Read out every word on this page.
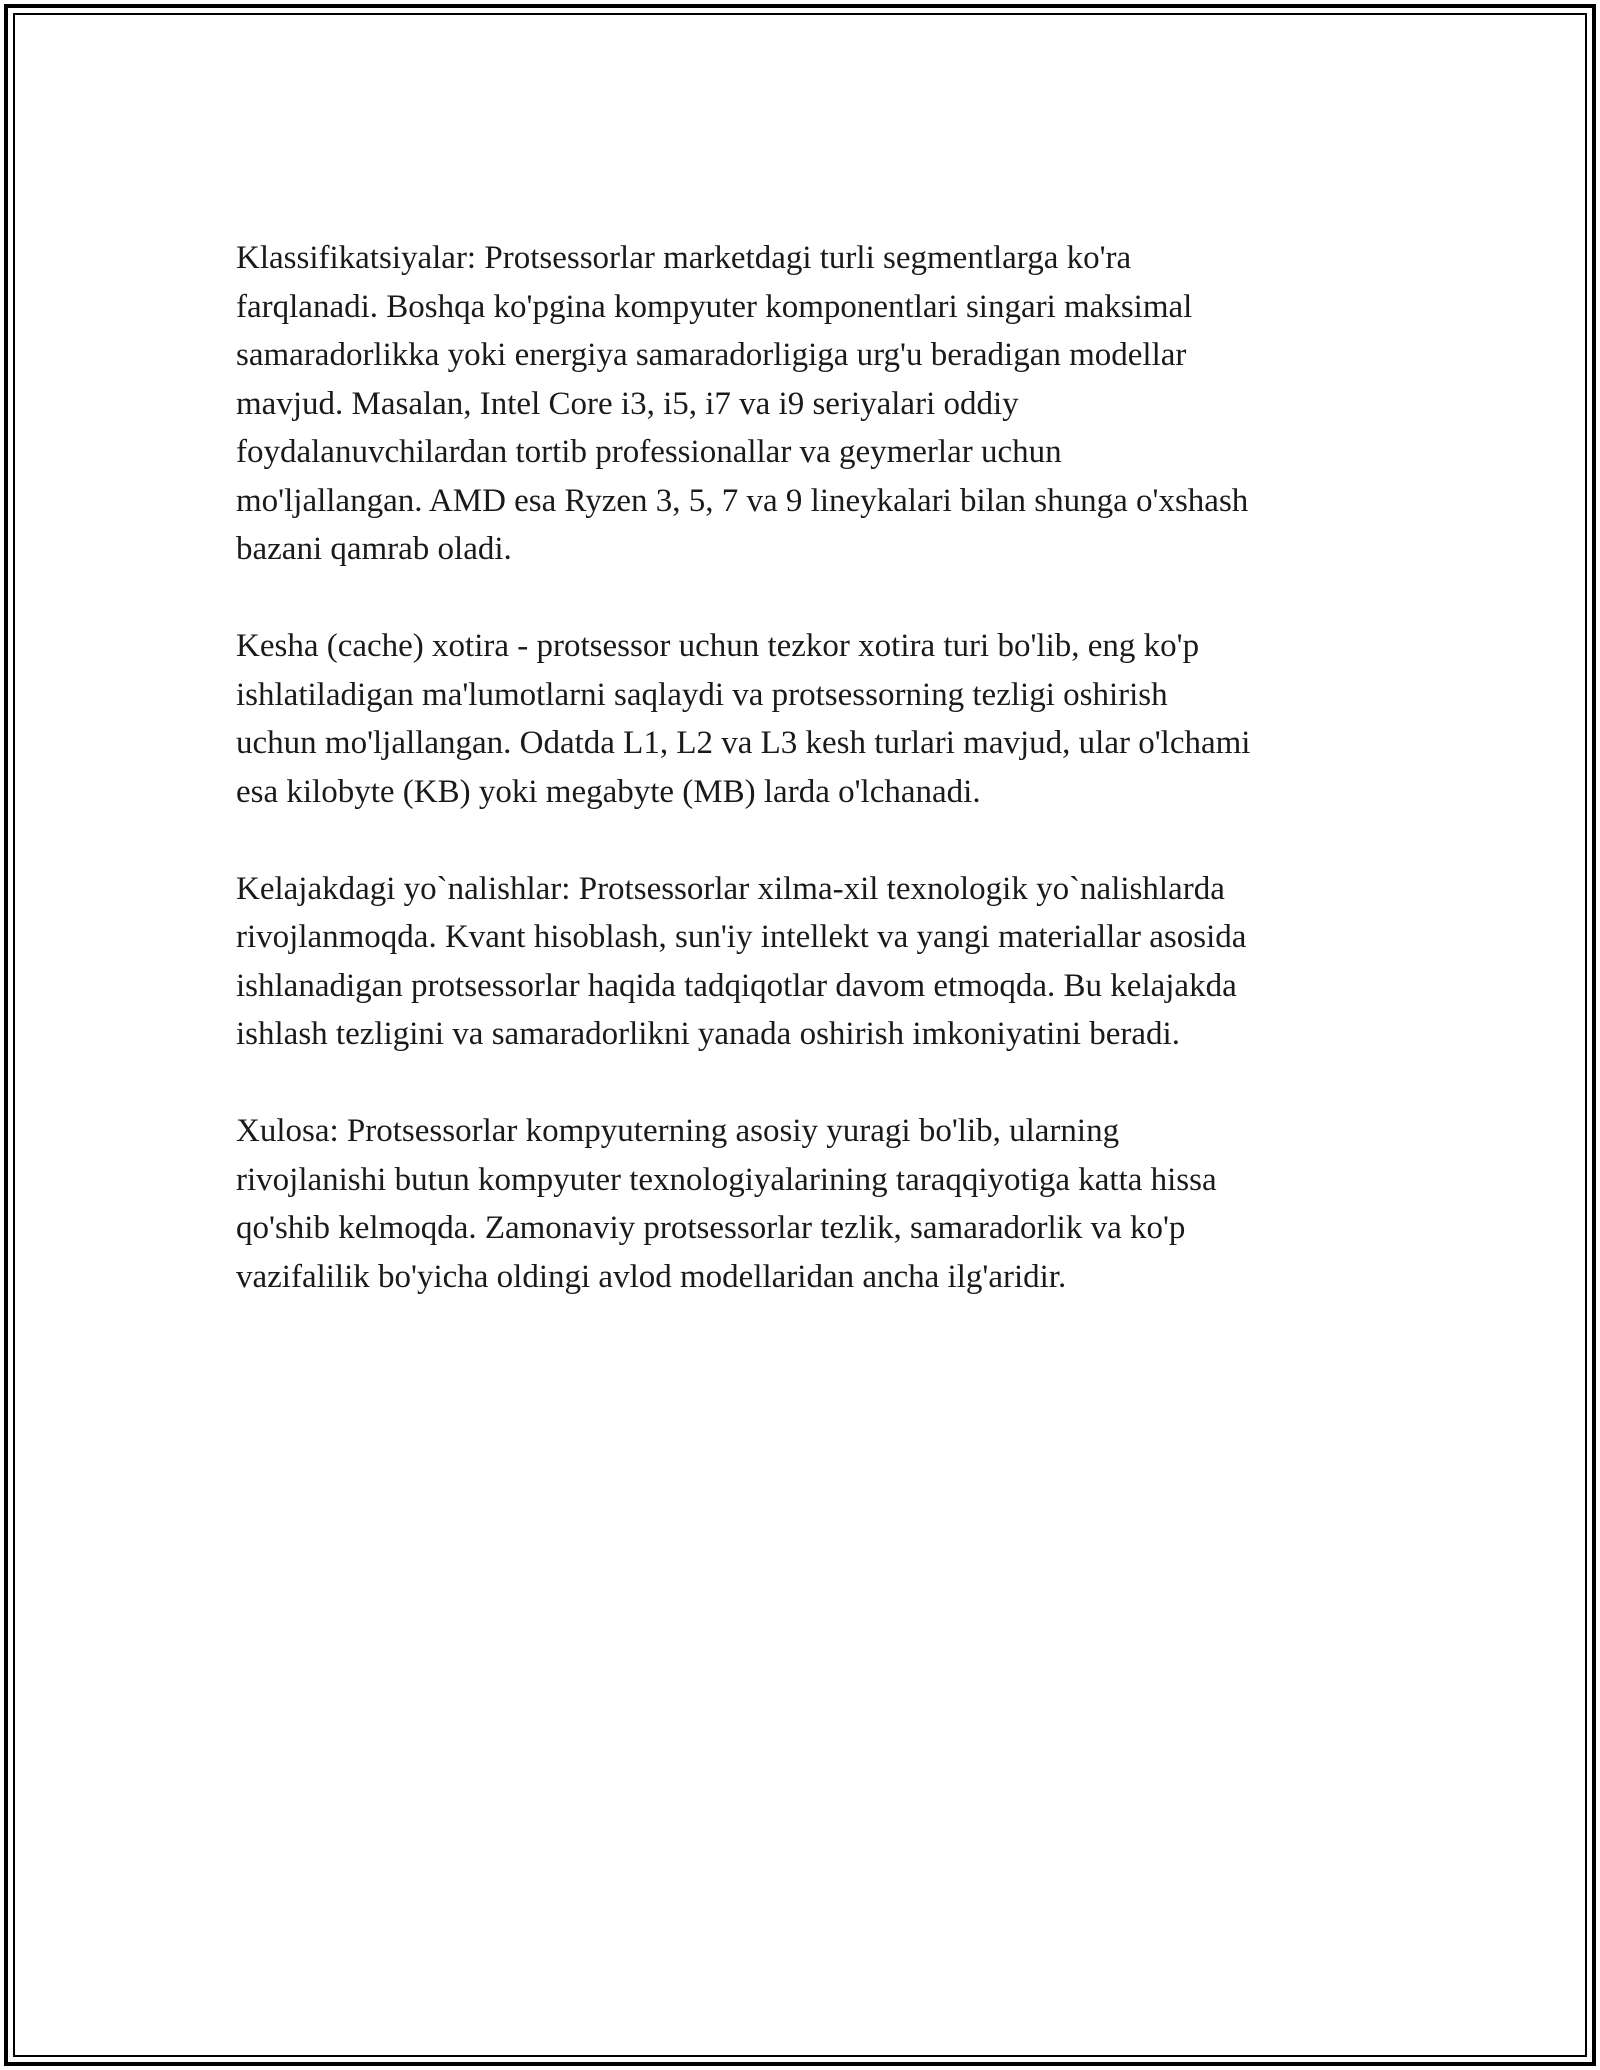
Klassifikatsiyalar: Protsessorlar marketdagi turli segmentlarga ko'ra
farqlanadi. Boshqa ko'pgina kompyuter komponentlari singari maksimal
samaradorlikka yoki energiya samaradorligiga urg'u beradigan modellar
mavjud. Masalan, Intel Core i3, i5, i7 va i9 seriyalari oddiy
foydalanuvchilardan tortib professionallar va geymerlar uchun
mo'ljallangan. AMD esa Ryzen 3, 5, 7 va 9 lineykalari bilan shunga o'xshash
bazani qamrab oladi.

Kesha (cache) xotira - protsessor uchun tezkor xotira turi bo'lib, eng ko'p
ishlatiladigan ma'lumotlarni saqlaydi va protsessorning tezligi oshirish
uchun mo'ljallangan. Odatda L1, L2 va L3 kesh turlari mavjud, ular o'lchami
esa kilobyte (KB) yoki megabyte (MB) larda o'lchanadi.

Kelajakdagi yo`nalishlar: Protsessorlar xilma-xil texnologik yo`nalishlarda
rivojlanmoqda. Kvant hisoblash, sun'iy intellekt va yangi materiallar asosida
ishlanadigan protsessorlar haqida tadqiqotlar davom etmoqda. Bu kelajakda
ishlash tezligini va samaradorlikni yanada oshirish imkoniyatini beradi.

Xulosa: Protsessorlar kompyuterning asosiy yuragi bo'lib, ularning
rivojlanishi butun kompyuter texnologiyalarining taraqqiyotiga katta hissa
qo'shib kelmoqda. Zamonaviy protsessorlar tezlik, samaradorlik va ko'p
vazifalilik bo'yicha oldingi avlod modellaridan ancha ilg'aridir.
